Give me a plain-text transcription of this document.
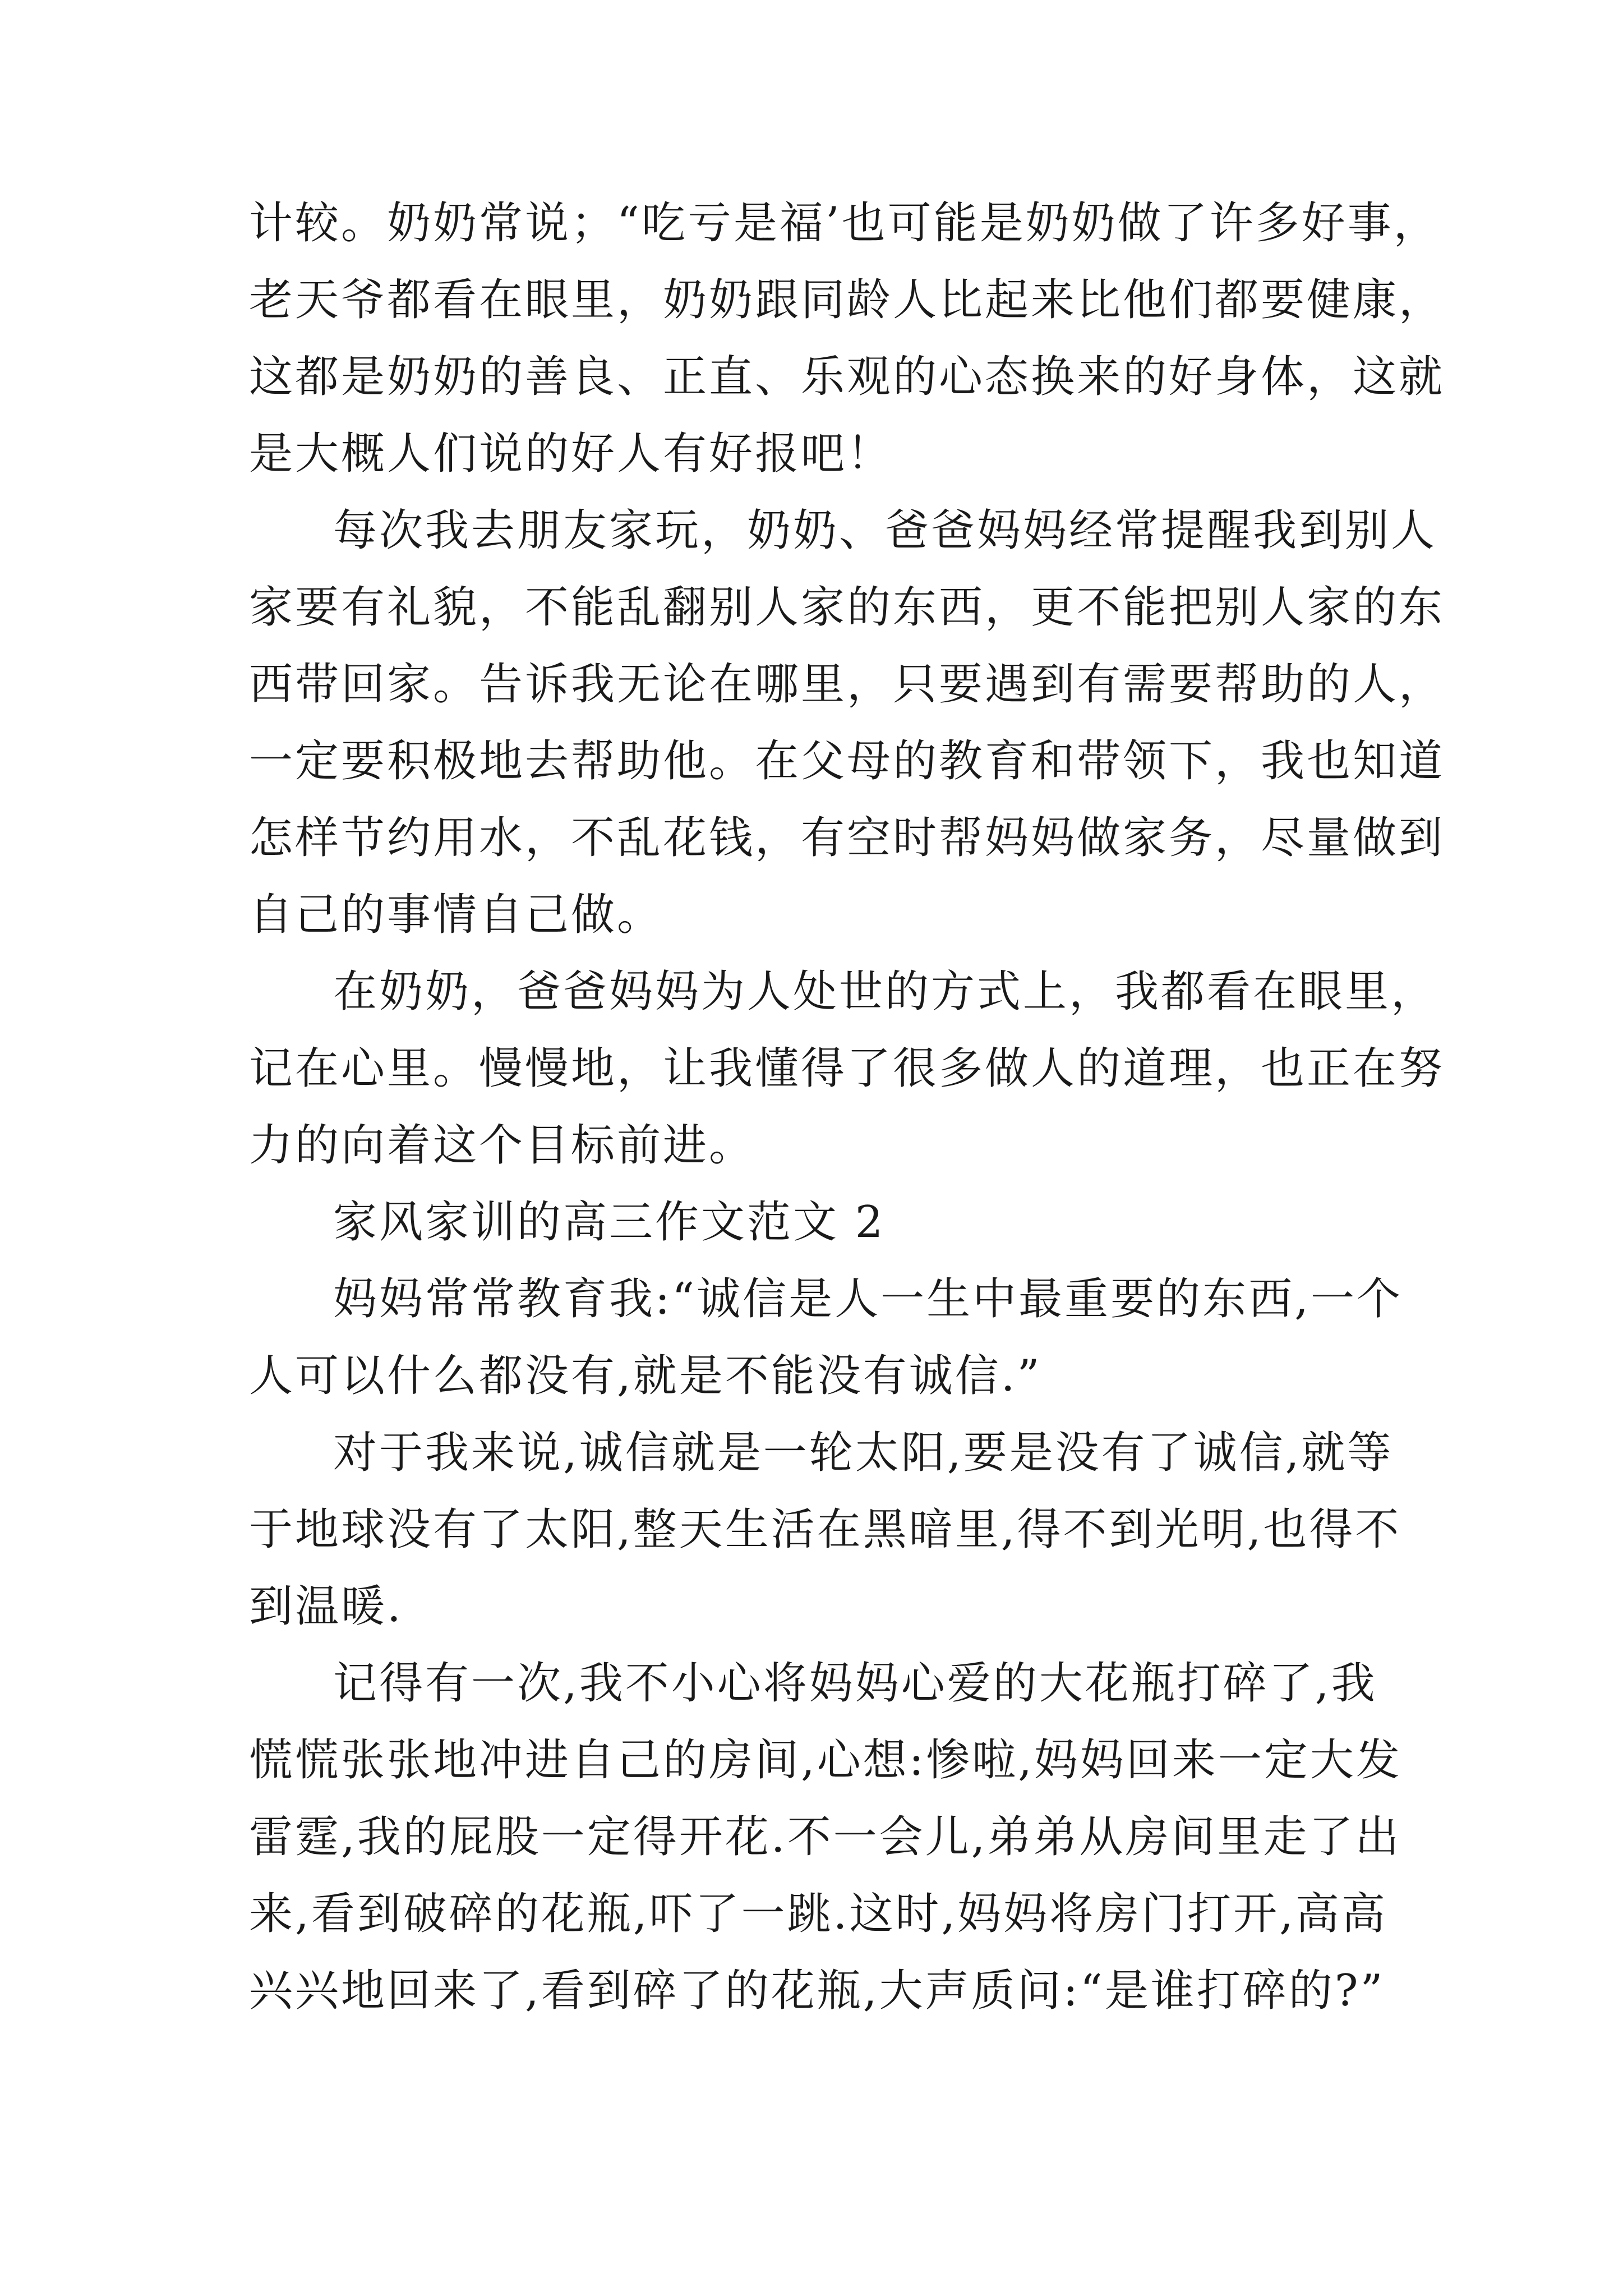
计较。奶奶常说；“吃亏是福’也可能是奶奶做了许多好事，
老天爷都看在眼里，奶奶跟同龄人比起来比他们都要健康，
这都是奶奶的善良、正直、乐观的心态换来的好身体，这就
是大概人们说的好人有好报吧！
每次我去朋友家玩，奶奶、爸爸妈妈经常提醒我到别人
家要有礼貌，不能乱翻别人家的东西，更不能把别人家的东
西带回家。告诉我无论在哪里，只要遇到有需要帮助的人，
一定要积极地去帮助他。在父母的教育和带领下，我也知道
怎样节约用水，不乱花钱，有空时帮妈妈做家务，尽量做到
自己的事情自己做。
在奶奶，爸爸妈妈为人处世的方式上，我都看在眼里，
记在心里。慢慢地，让我懂得了很多做人的道理，也正在努
力的向着这个目标前进。
家风家训的高三作文范文 2
妈妈常常教育我:“诚信是人一生中最重要的东西,一个
人可以什么都没有,就是不能没有诚信.”
对于我来说,诚信就是一轮太阳,要是没有了诚信,就等
于地球没有了太阳,整天生活在黑暗里,得不到光明,也得不
到温暖.
记得有一次,我不小心将妈妈心爱的大花瓶打碎了,我
慌慌张张地冲进自己的房间,心想:惨啦,妈妈回来一定大发
雷霆,我的屁股一定得开花.不一会儿,弟弟从房间里走了出
来,看到破碎的花瓶,吓了一跳.这时,妈妈将房门打开,高高
兴兴地回来了,看到碎了的花瓶,大声质问:“是谁打碎的?”
